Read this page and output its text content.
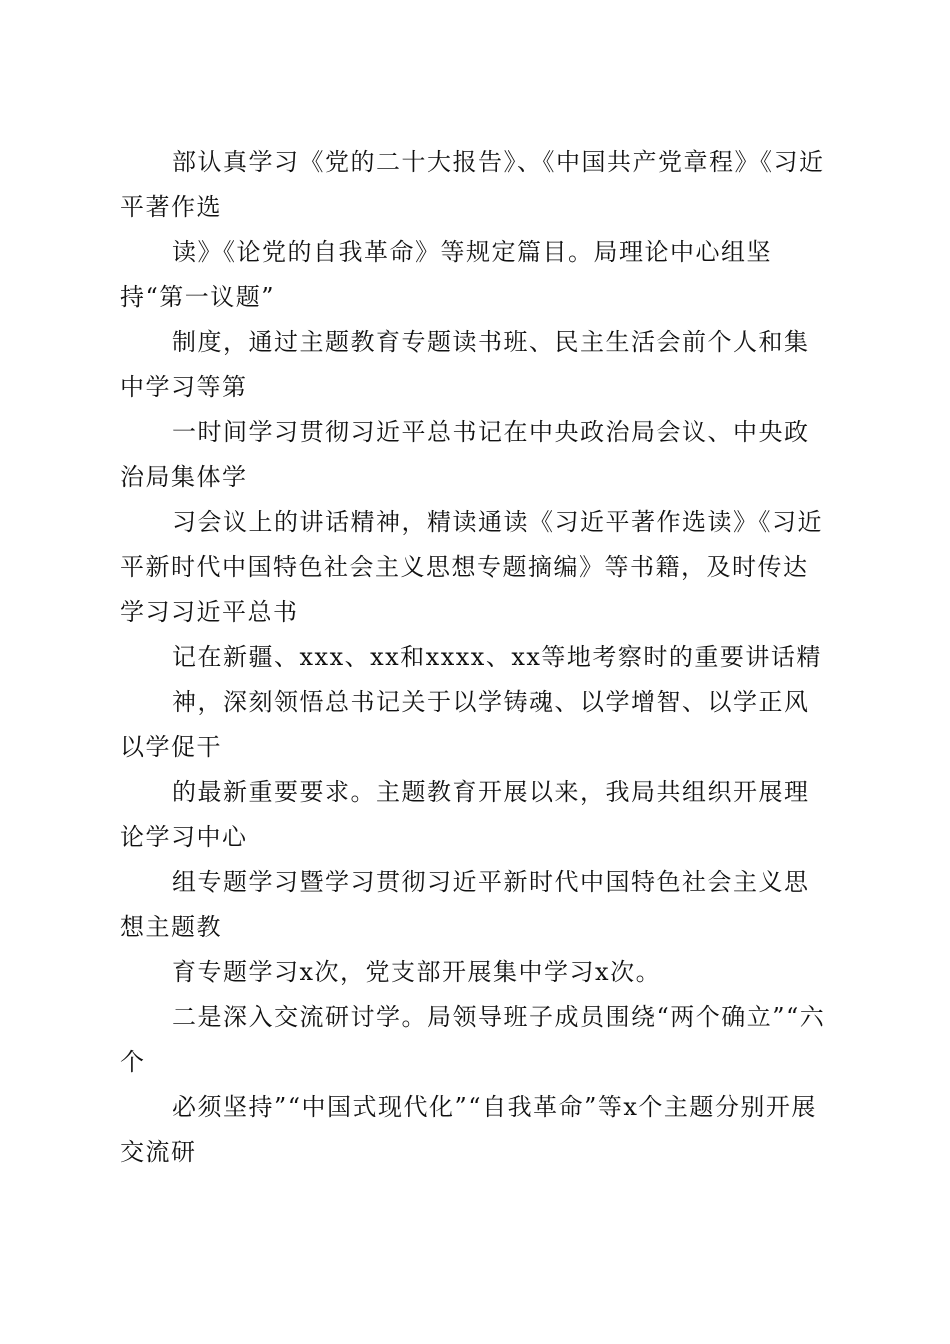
部认真学习《党的二十大报告》、《中国共产党章程》《习近平著作选

读》《论党的自我革命》等规定篇目。局理论中心组坚持“第一议题”

制度，通过主题教育专题读书班、民主生活会前个人和集中学习等第

一时间学习贯彻习近平总书记在中央政治局会议、中央政治局集体学

习会议上的讲话精神，精读通读《习近平著作选读》《习近平新时代中国特色社会主义思想专题摘编》等书籍，及时传达学习习近平总书

记在新疆、xxx、xx和xxxx、xx等地考察时的重要讲话精

神，深刻领悟总书记关于以学铸魂、以学增智、以学正风以学促干

的最新重要要求。主题教育开展以来，我局共组织开展理论学习中心

组专题学习暨学习贯彻习近平新时代中国特色社会主义思想主题教

育专题学习x次，党支部开展集中学习x次。

二是深入交流研讨学。局领导班子成员围绕“两个确立”“六个

必须坚持”“中国式现代化”“自我革命”等x个主题分别开展交流研
